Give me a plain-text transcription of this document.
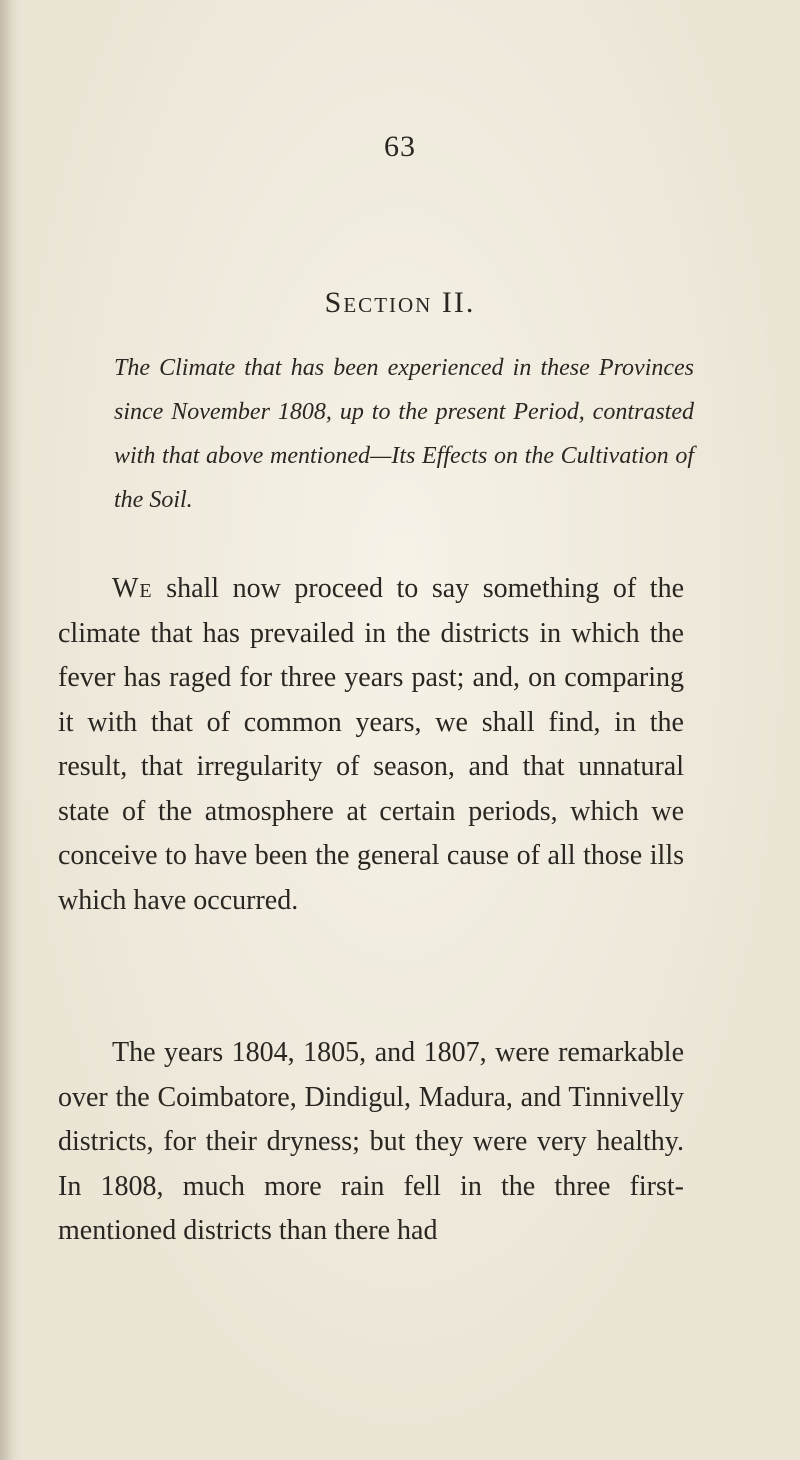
63
Section II.
The Climate that has been experienced in these Provinces since November 1808, up to the present Period, contrasted with that above mentioned—Its Effects on the Cultivation of the Soil.

We shall now proceed to say something of the climate that has prevailed in the districts in which the fever has raged for three years past; and, on comparing it with that of common years, we shall find, in the result, that irregularity of season, and that unnatural state of the atmosphere at certain periods, which we conceive to have been the general cause of all those ills which have occurred.

The years 1804, 1805, and 1807, were remarkable over the Coimbatore, Dindigul, Madura, and Tinnivelly districts, for their dryness; but they were very healthy. In 1808, much more rain fell in the three first-mentioned districts than there had
